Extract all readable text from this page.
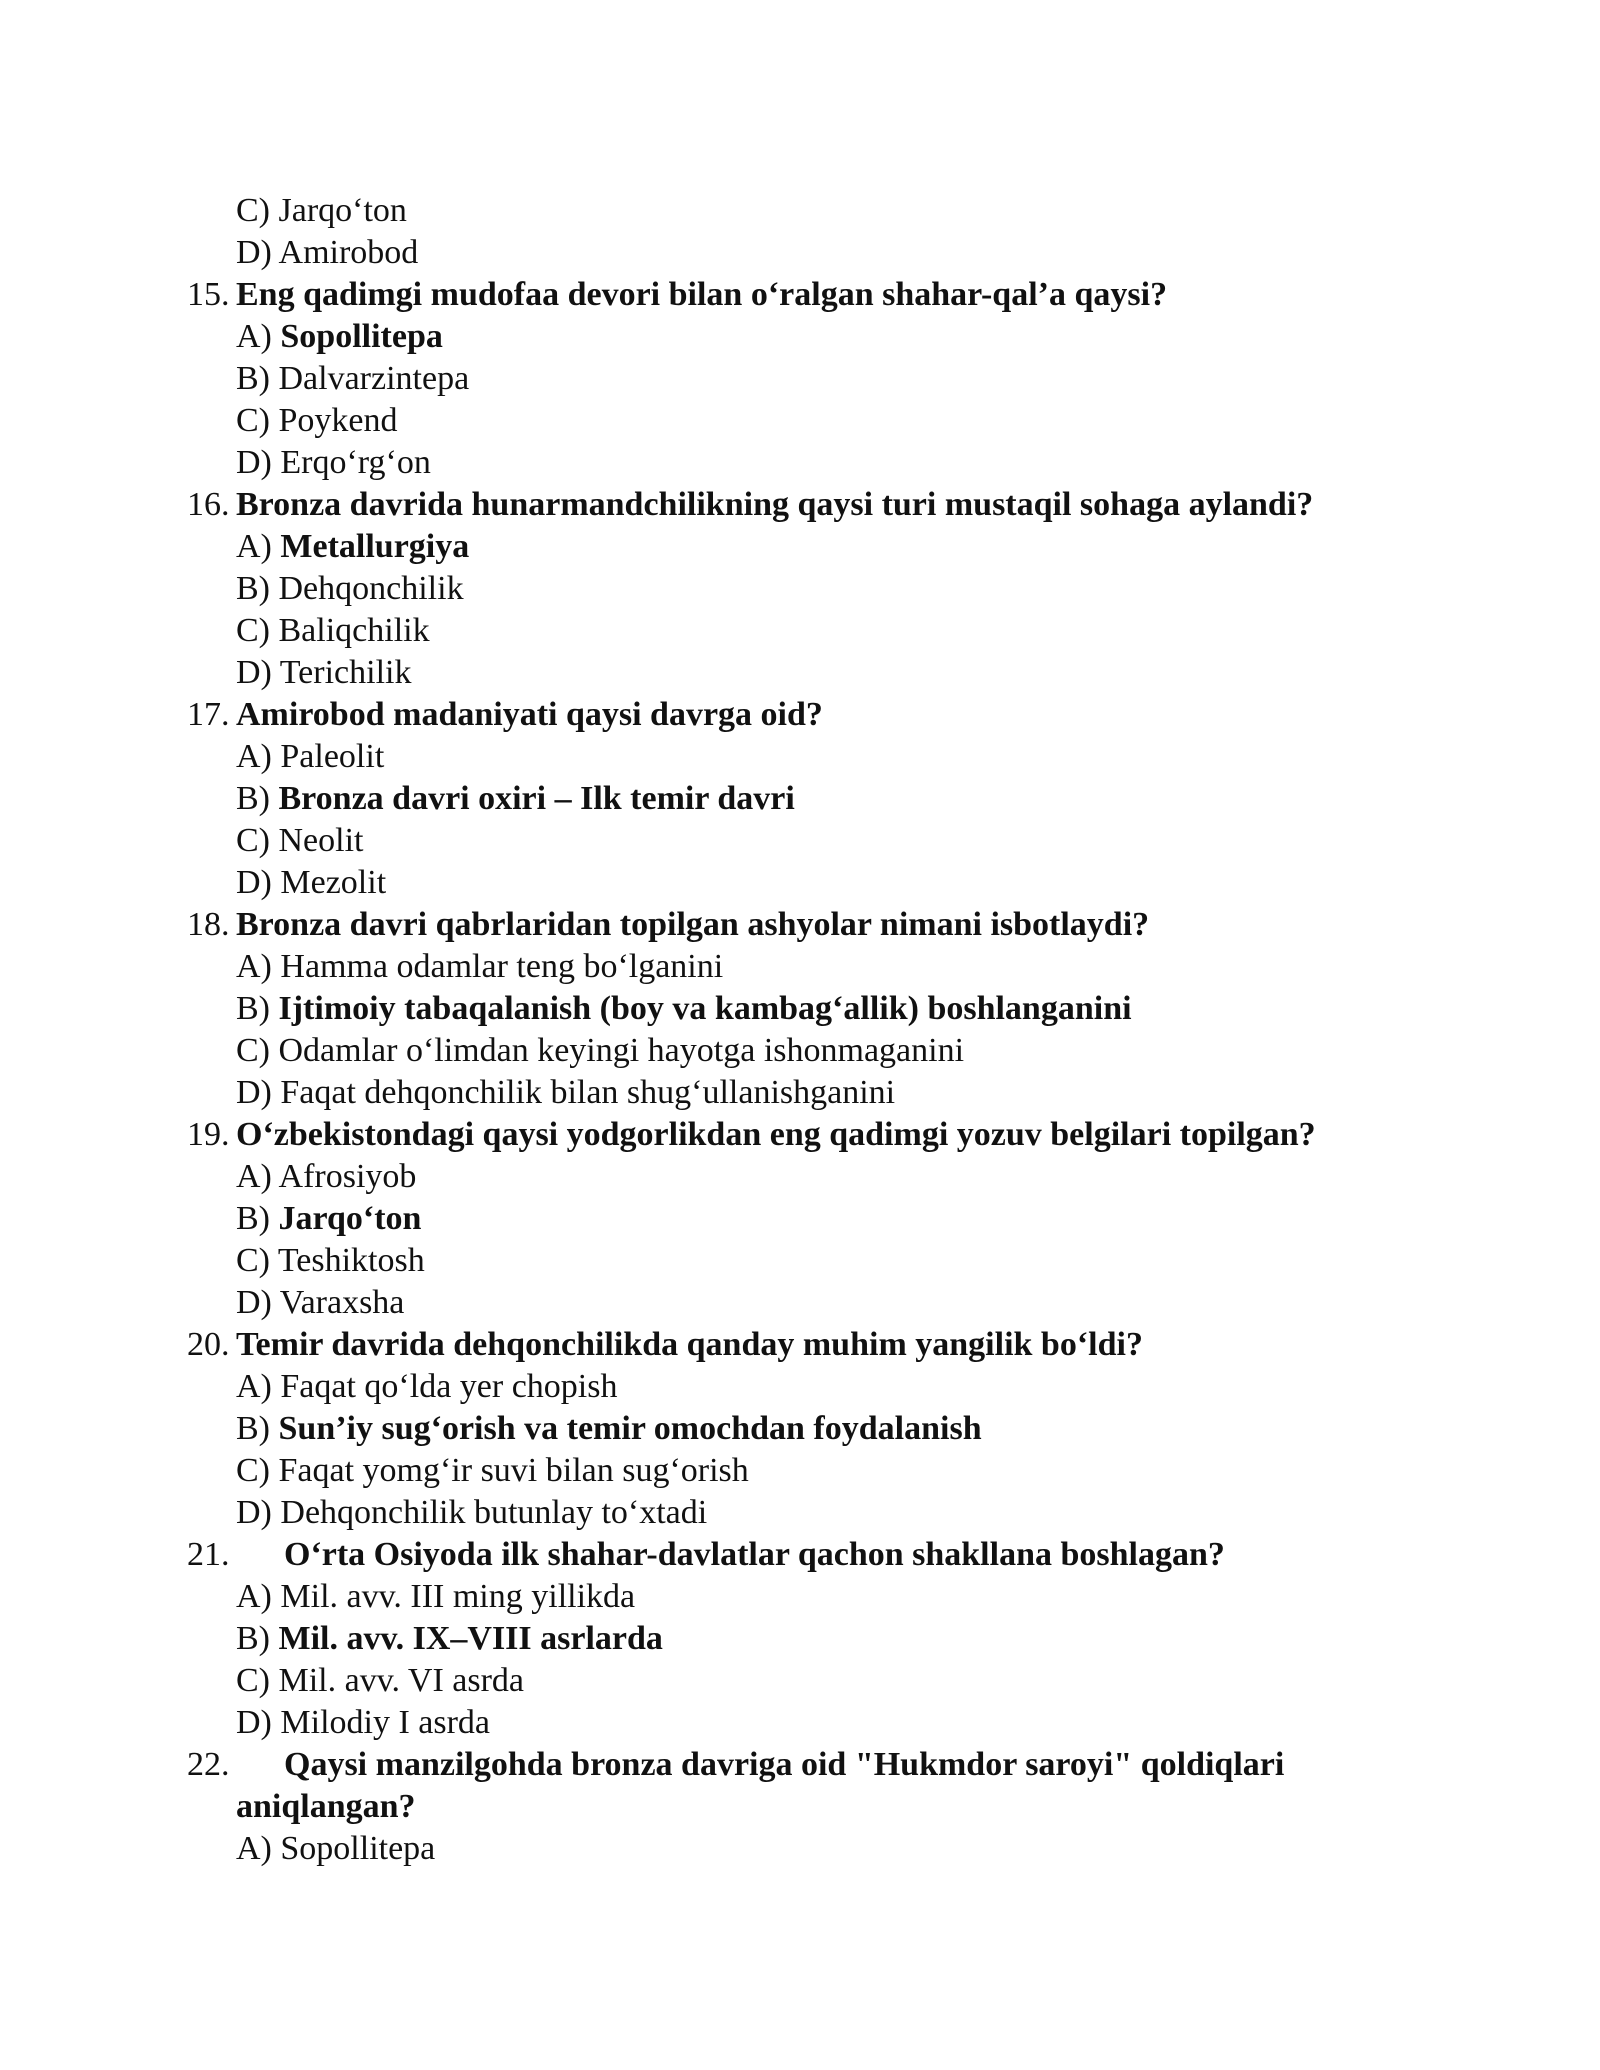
C) Jarqo‘ton
D) Amirobod
15. Eng qadimgi mudofaa devori bilan o‘ralgan shahar-qal’a qaysi?
A) Sopollitepa
B) Dalvarzintepa
C) Poykend
D) Erqo‘rg‘on
16. Bronza davrida hunarmandchilikning qaysi turi mustaqil sohaga aylandi?
A) Metallurgiya
B) Dehqonchilik
C) Baliqchilik
D) Terichilik
17. Amirobod madaniyati qaysi davrga oid?
A) Paleolit
B) Bronza davri oxiri – Ilk temir davri
C) Neolit
D) Mezolit
18. Bronza davri qabrlaridan topilgan ashyolar nimani isbotlaydi?
A) Hamma odamlar teng bo‘lganini
B) Ijtimoiy tabaqalanish (boy va kambag‘allik) boshlanganini
C) Odamlar o‘limdan keyingi hayotga ishonmaganini
D) Faqat dehqonchilik bilan shug‘ullanishganini
19. O‘zbekistondagi qaysi yodgorlikdan eng qadimgi yozuv belgilari topilgan?
A) Afrosiyob
B) Jarqo‘ton
C) Teshiktosh
D) Varaxsha
20. Temir davrida dehqonchilikda qanday muhim yangilik bo‘ldi?
A) Faqat qo‘lda yer chopish
B) Sun’iy sug‘orish va temir omochdan foydalanish
C) Faqat yomg‘ir suvi bilan sug‘orish
D) Dehqonchilik butunlay to‘xtadi
21. O‘rta Osiyoda ilk shahar-davlatlar qachon shakllana boshlagan?
A) Mil. avv. III ming yillikda
B) Mil. avv. IX–VIII asrlarda
C) Mil. avv. VI asrda
D) Milodiy I asrda
22. Qaysi manzilgohda bronza davriga oid "Hukmdor saroyi" qoldiqlari
aniqlangan?
A) Sopollitepa
